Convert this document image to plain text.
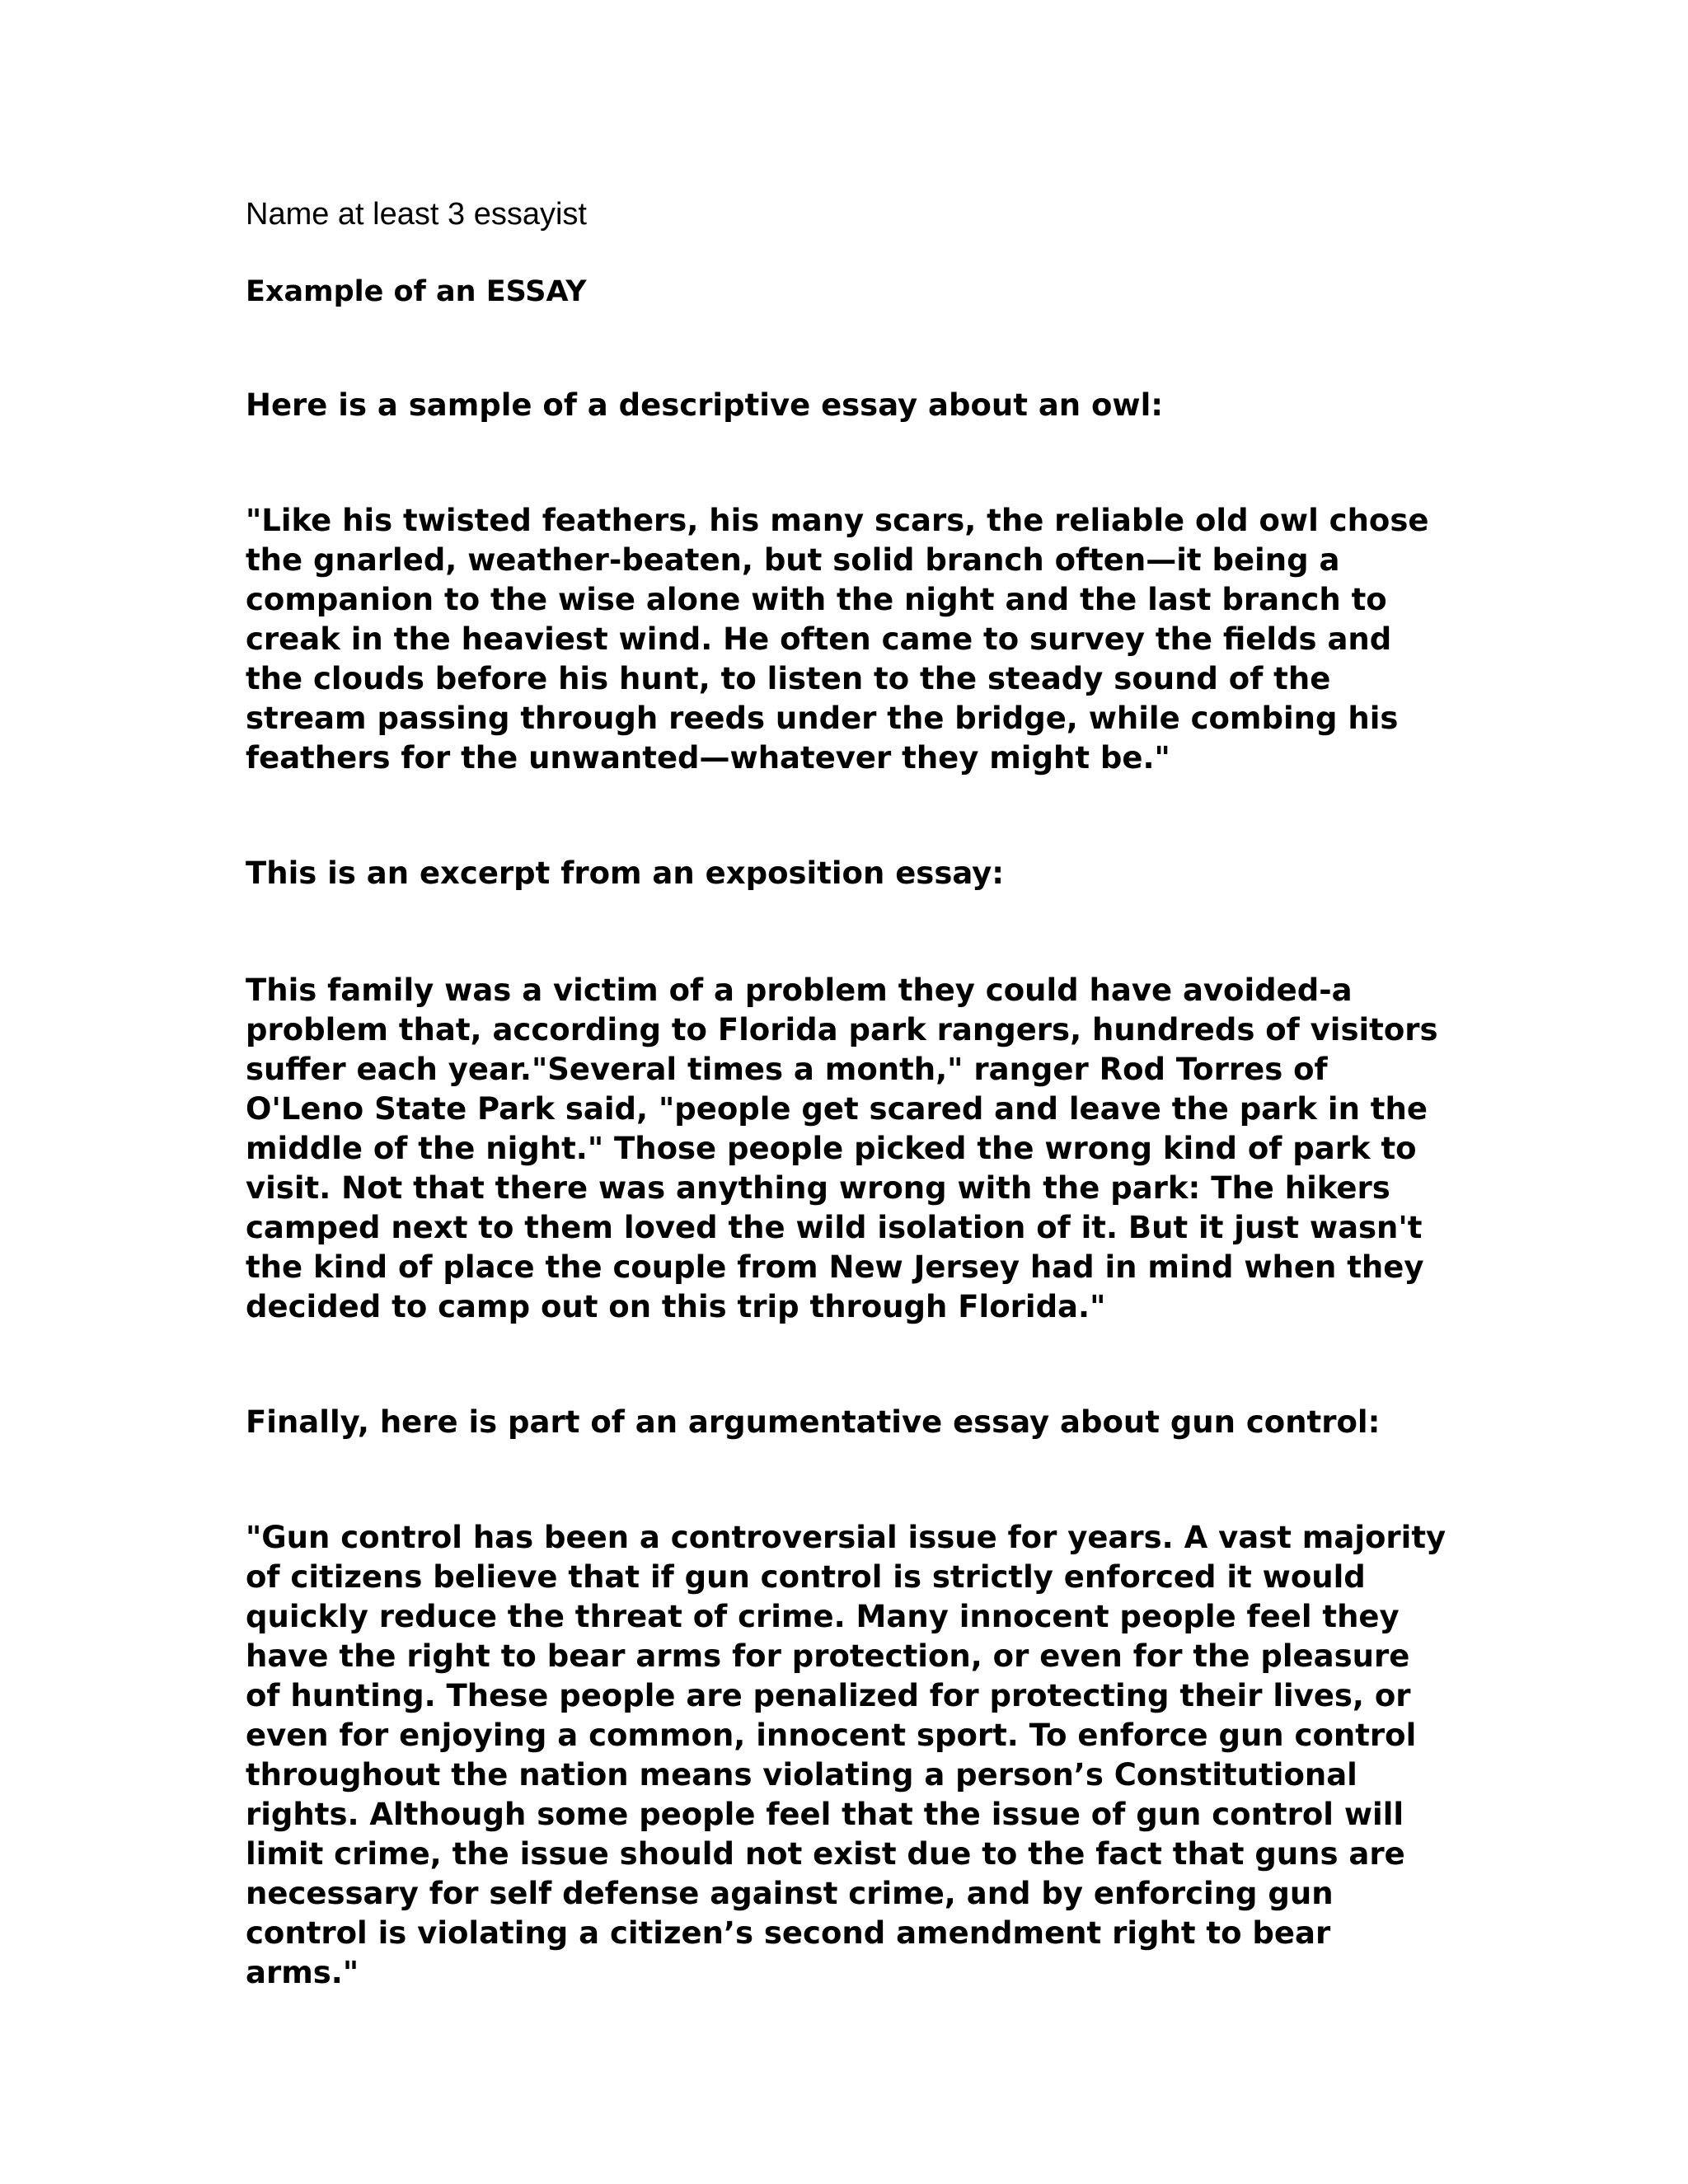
Name at least 3 essayist

Example of an ESSAY

Here is a sample of a descriptive essay about an owl:

"Like his twisted feathers, his many scars, the reliable old owl chose the gnarled, weather-beaten, but solid branch often—it being a companion to the wise alone with the night and the last branch to creak in the heaviest wind. He often came to survey the fields and the clouds before his hunt, to listen to the steady sound of the stream passing through reeds under the bridge, while combing his feathers for the unwanted—whatever they might be."

This is an excerpt from an exposition essay:

This family was a victim of a problem they could have avoided-a problem that, according to Florida park rangers, hundreds of visitors suffer each year."Several times a month," ranger Rod Torres of O'Leno State Park said, "people get scared and leave the park in the middle of the night." Those people picked the wrong kind of park to visit. Not that there was anything wrong with the park: The hikers camped next to them loved the wild isolation of it. But it just wasn't the kind of place the couple from New Jersey had in mind when they decided to camp out on this trip through Florida."

Finally, here is part of an argumentative essay about gun control:

"Gun control has been a controversial issue for years. A vast majority of citizens believe that if gun control is strictly enforced it would quickly reduce the threat of crime. Many innocent people feel they have the right to bear arms for protection, or even for the pleasure of hunting. These people are penalized for protecting their lives, or even for enjoying a common, innocent sport. To enforce gun control throughout the nation means violating a person’s Constitutional rights. Although some people feel that the issue of gun control will limit crime, the issue should not exist due to the fact that guns are necessary for self defense against crime, and by enforcing gun control is violating a citizen’s second amendment right to bear arms."
